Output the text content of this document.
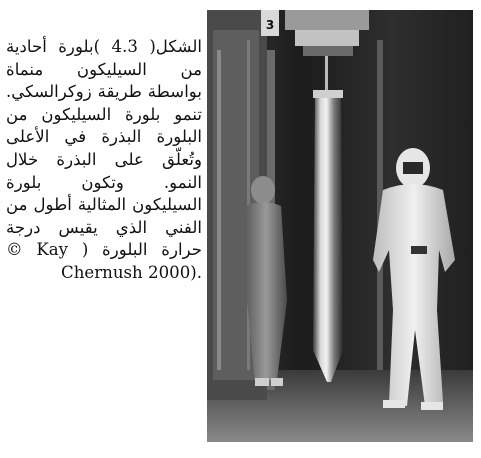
الشكل( 4.3 )بلورة أحادية
من السيليكون منماة
بواسطة طريقة زوكرالسكي.
تنمو بلورة السيليكون من
البلورة البذرة في الأعلى
وتُعلّق على البذرة خلال
النمو. وتكون بلورة
السيليكون المثالية أطول من
الفني الذي يقيس درجة
حرارة البلورة ( Kay ©
Chernush 2000).
3
